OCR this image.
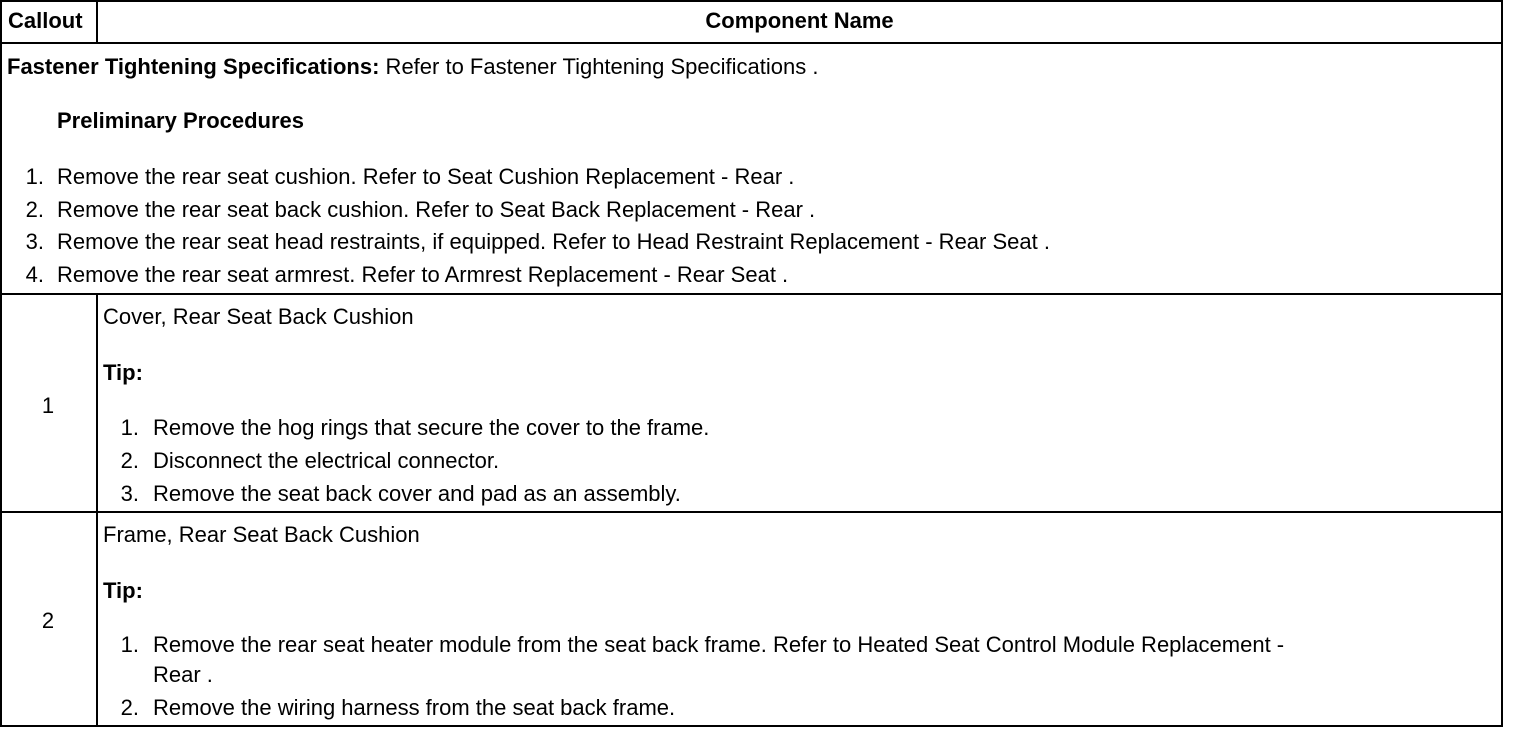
Callout	Component Name
Fastener Tightening Specifications: Refer to Fastener Tightening Specifications .
Preliminary Procedures
1. Remove the rear seat cushion. Refer to Seat Cushion Replacement - Rear .
2. Remove the rear seat back cushion. Refer to Seat Back Replacement - Rear .
3. Remove the rear seat head restraints, if equipped. Refer to Head Restraint Replacement - Rear Seat .
4. Remove the rear seat armrest. Refer to Armrest Replacement - Rear Seat .
1
Cover, Rear Seat Back Cushion
Tip:
1. Remove the hog rings that secure the cover to the frame.
2. Disconnect the electrical connector.
3. Remove the seat back cover and pad as an assembly.
2
Frame, Rear Seat Back Cushion
Tip:
1. Remove the rear seat heater module from the seat back frame. Refer to Heated Seat Control Module Replacement -
Rear .
2. Remove the wiring harness from the seat back frame.
